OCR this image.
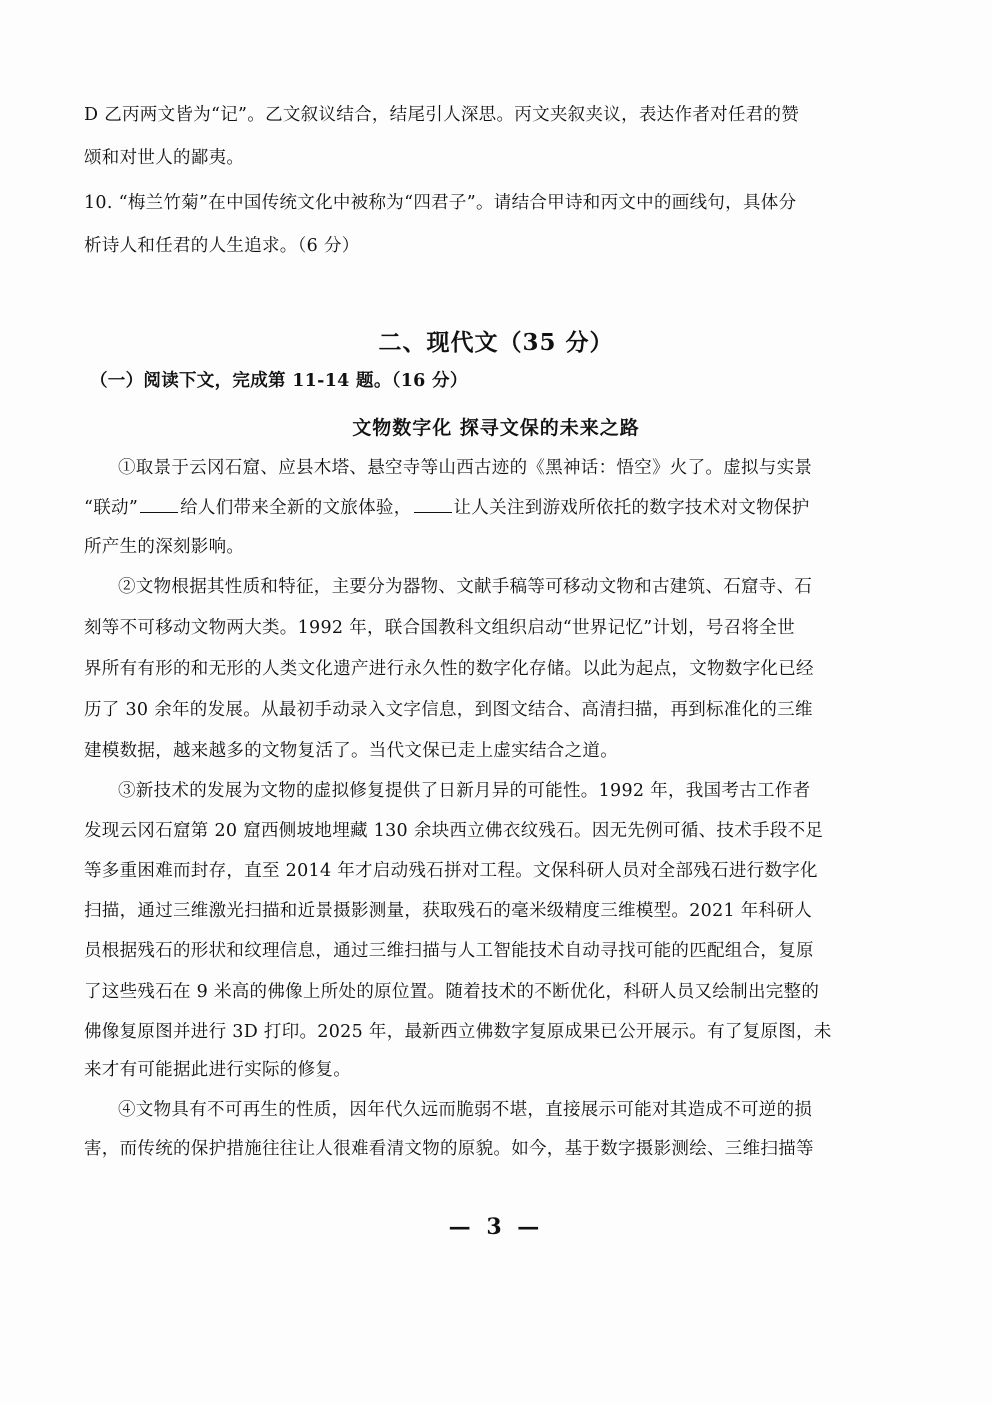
D 乙丙两文皆为“记”。乙文叙议结合，结尾引人深思。丙文夹叙夹议，表达作者对任君的赞
颂和对世人的鄙夷。
10. “梅兰竹菊”在中国传统文化中被称为“四君子”。请结合甲诗和丙文中的画线句，具体分
析诗人和任君的人生追求。（6 分）
二、现代文（35 分）
（一）阅读下文，完成第 11-14 题。（16 分）
文物数字化 探寻文保的未来之路
①取景于云冈石窟、应县木塔、悬空寺等山西古迹的《黑神话：悟空》火了。虚拟与实景
“联动” 给人们带来全新的文旅体验， 让人关注到游戏所依托的数字技术对文物保护
所产生的深刻影响。
②文物根据其性质和特征，主要分为器物、文献手稿等可移动文物和古建筑、石窟寺、石
刻等不可移动文物两大类。1992 年，联合国教科文组织启动“世界记忆”计划，号召将全世
界所有有形的和无形的人类文化遗产进行永久性的数字化存储。以此为起点，文物数字化已经
历了 30 余年的发展。从最初手动录入文字信息，到图文结合、高清扫描，再到标准化的三维
建模数据，越来越多的文物复活了。当代文保已走上虚实结合之道。
③新技术的发展为文物的虚拟修复提供了日新月异的可能性。1992 年，我国考古工作者
发现云冈石窟第 20 窟西侧坡地埋藏 130 余块西立佛衣纹残石。因无先例可循、技术手段不足
等多重困难而封存，直至 2014 年才启动残石拼对工程。文保科研人员对全部残石进行数字化
扫描，通过三维激光扫描和近景摄影测量，获取残石的毫米级精度三维模型。2021 年科研人
员根据残石的形状和纹理信息，通过三维扫描与人工智能技术自动寻找可能的匹配组合，复原
了这些残石在 9 米高的佛像上所处的原位置。随着技术的不断优化，科研人员又绘制出完整的
佛像复原图并进行 3D 打印。2025 年，最新西立佛数字复原成果已公开展示。有了复原图，未
来才有可能据此进行实际的修复。
④文物具有不可再生的性质，因年代久远而脆弱不堪，直接展示可能对其造成不可逆的损
害，而传统的保护措施往往让人很难看清文物的原貌。如今，基于数字摄影测绘、三维扫描等
— 3 —
